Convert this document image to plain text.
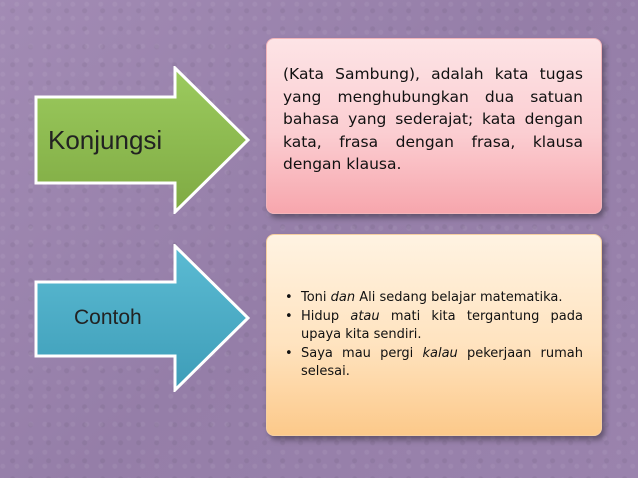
Konjungsi
Contoh
(Kata Sambung), adalah kata tugas yang menghubungkan dua satuan bahasa yang sederajat; kata dengan kata, frasa dengan frasa, klausa dengan klausa.
• Toni dan Ali sedang belajar matematika.
• Hidup atau mati kita tergantung pada upaya kita sendiri.
• Saya mau pergi kalau pekerjaan rumah selesai.
